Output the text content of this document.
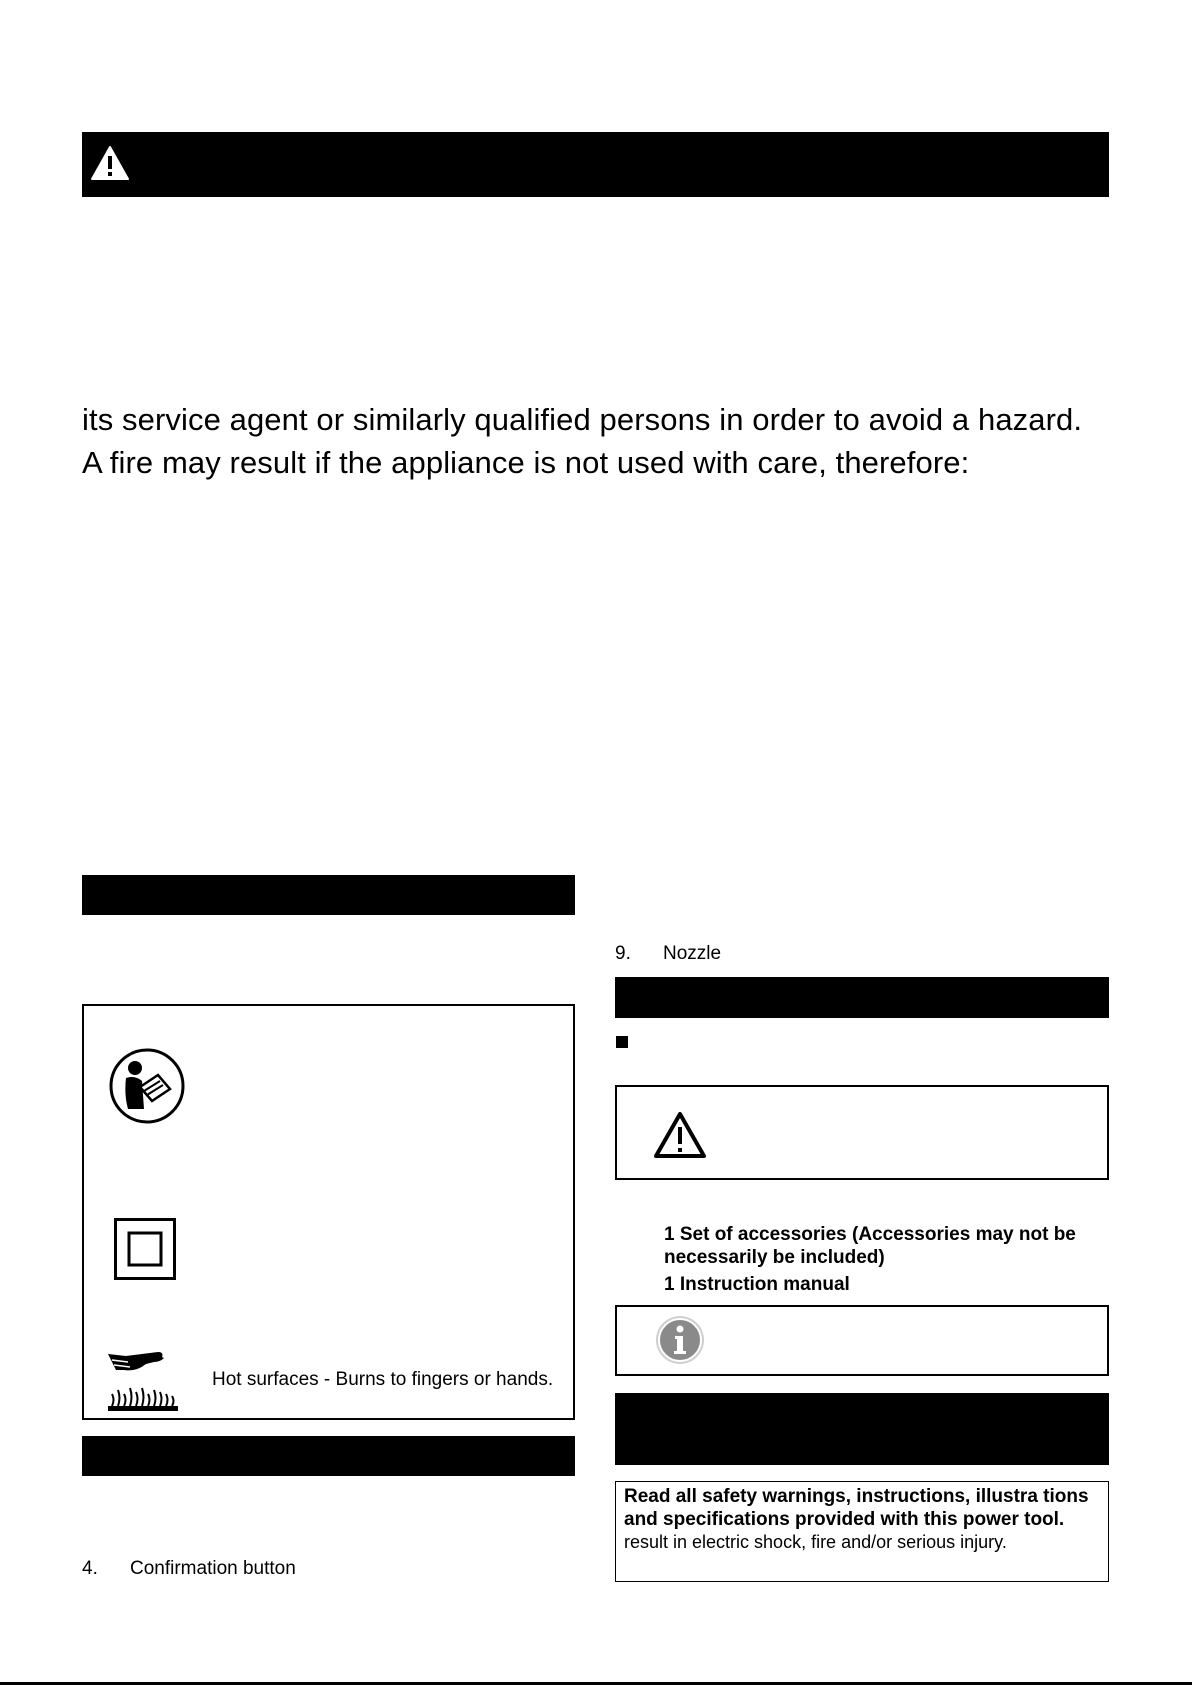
its service agent or similarly qualified persons in order to avoid a hazard.
A fire may result if the appliance is not used with care, therefore:
Hot surfaces - Burns to fingers or hands.
4. Confirmation button
9. Nozzle
1 Set of accessories (Accessories may not be necessarily be included)
1 Instruction manual
Read all safety warnings, instructions, illustra tions and specifications provided with this power tool.
result in electric shock, fire and/or serious injury.
